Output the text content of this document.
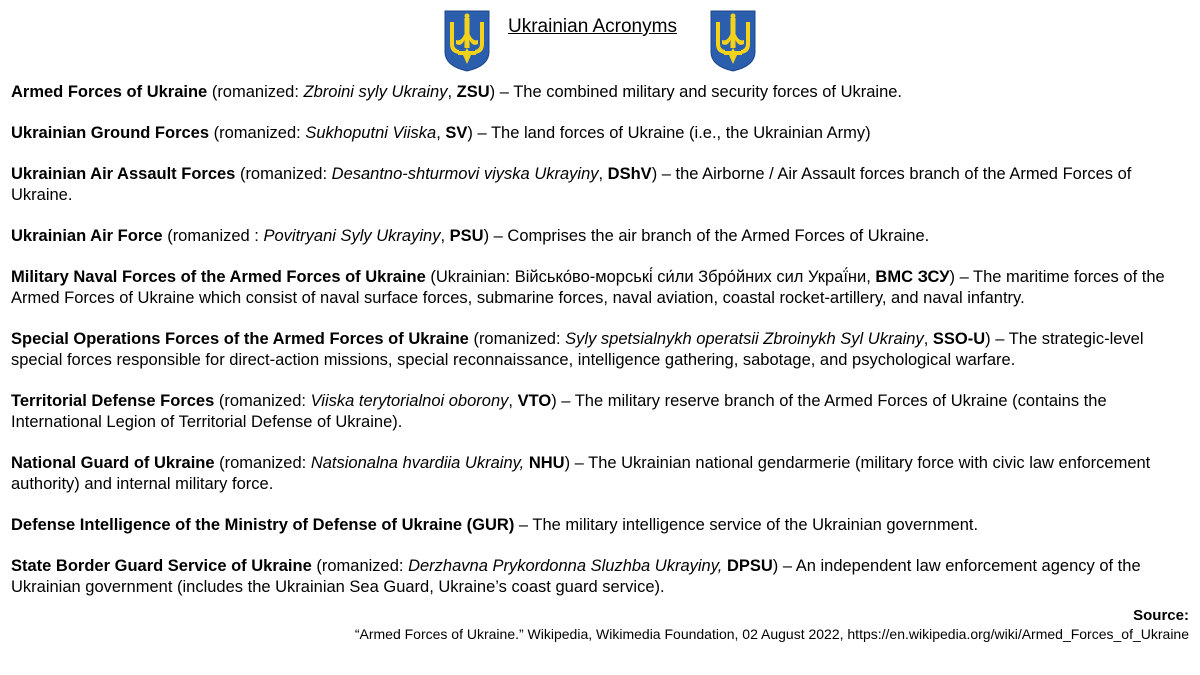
Ukrainian Acronyms

Armed Forces of Ukraine (romanized: Zbroini syly Ukrainy, ZSU) – The combined military and security forces of Ukraine.

Ukrainian Ground Forces (romanized: Sukhoputni Viiska, SV) – The land forces of Ukraine (i.e., the Ukrainian Army)

Ukrainian Air Assault Forces (romanized: Desantno-shturmovi viyska Ukrayiny, DShV) – the Airborne / Air Assault forces branch of the Armed Forces of Ukraine.

Ukrainian Air Force (romanized : Povitryani Syly Ukrayiny, PSU) – Comprises the air branch of the Armed Forces of Ukraine.

Military Naval Forces of the Armed Forces of Ukraine (Ukrainian: Військо́во-морські́ си́ли Збро́йних сил Украї́ни, ВМС ЗСУ) – The maritime forces of the Armed Forces of Ukraine which consist of naval surface forces, submarine forces, naval aviation, coastal rocket-artillery, and naval infantry.

Special Operations Forces of the Armed Forces of Ukraine (romanized: Syly spetsialnykh operatsii Zbroinykh Syl Ukrainy, SSO-U) – The strategic-level special forces responsible for direct-action missions, special reconnaissance, intelligence gathering, sabotage, and psychological warfare.

Territorial Defense Forces (romanized: Viiska terytorialnoi oborony, VTO) – The military reserve branch of the Armed Forces of Ukraine (contains the International Legion of Territorial Defense of Ukraine).

National Guard of Ukraine (romanized: Natsionalna hvardiia Ukrainy, NHU) – The Ukrainian national gendarmerie (military force with civic law enforcement authority) and internal military force.

Defense Intelligence of the Ministry of Defense of Ukraine (GUR) – The military intelligence service of the Ukrainian government.

State Border Guard Service of Ukraine (romanized: Derzhavna Prykordonna Sluzhba Ukrayiny, DPSU) – An independent law enforcement agency of the Ukrainian government (includes the Ukrainian Sea Guard, Ukraine’s coast guard service).

Source:
“Armed Forces of Ukraine.” Wikipedia, Wikimedia Foundation, 02 August 2022, https://en.wikipedia.org/wiki/Armed_Forces_of_Ukraine
